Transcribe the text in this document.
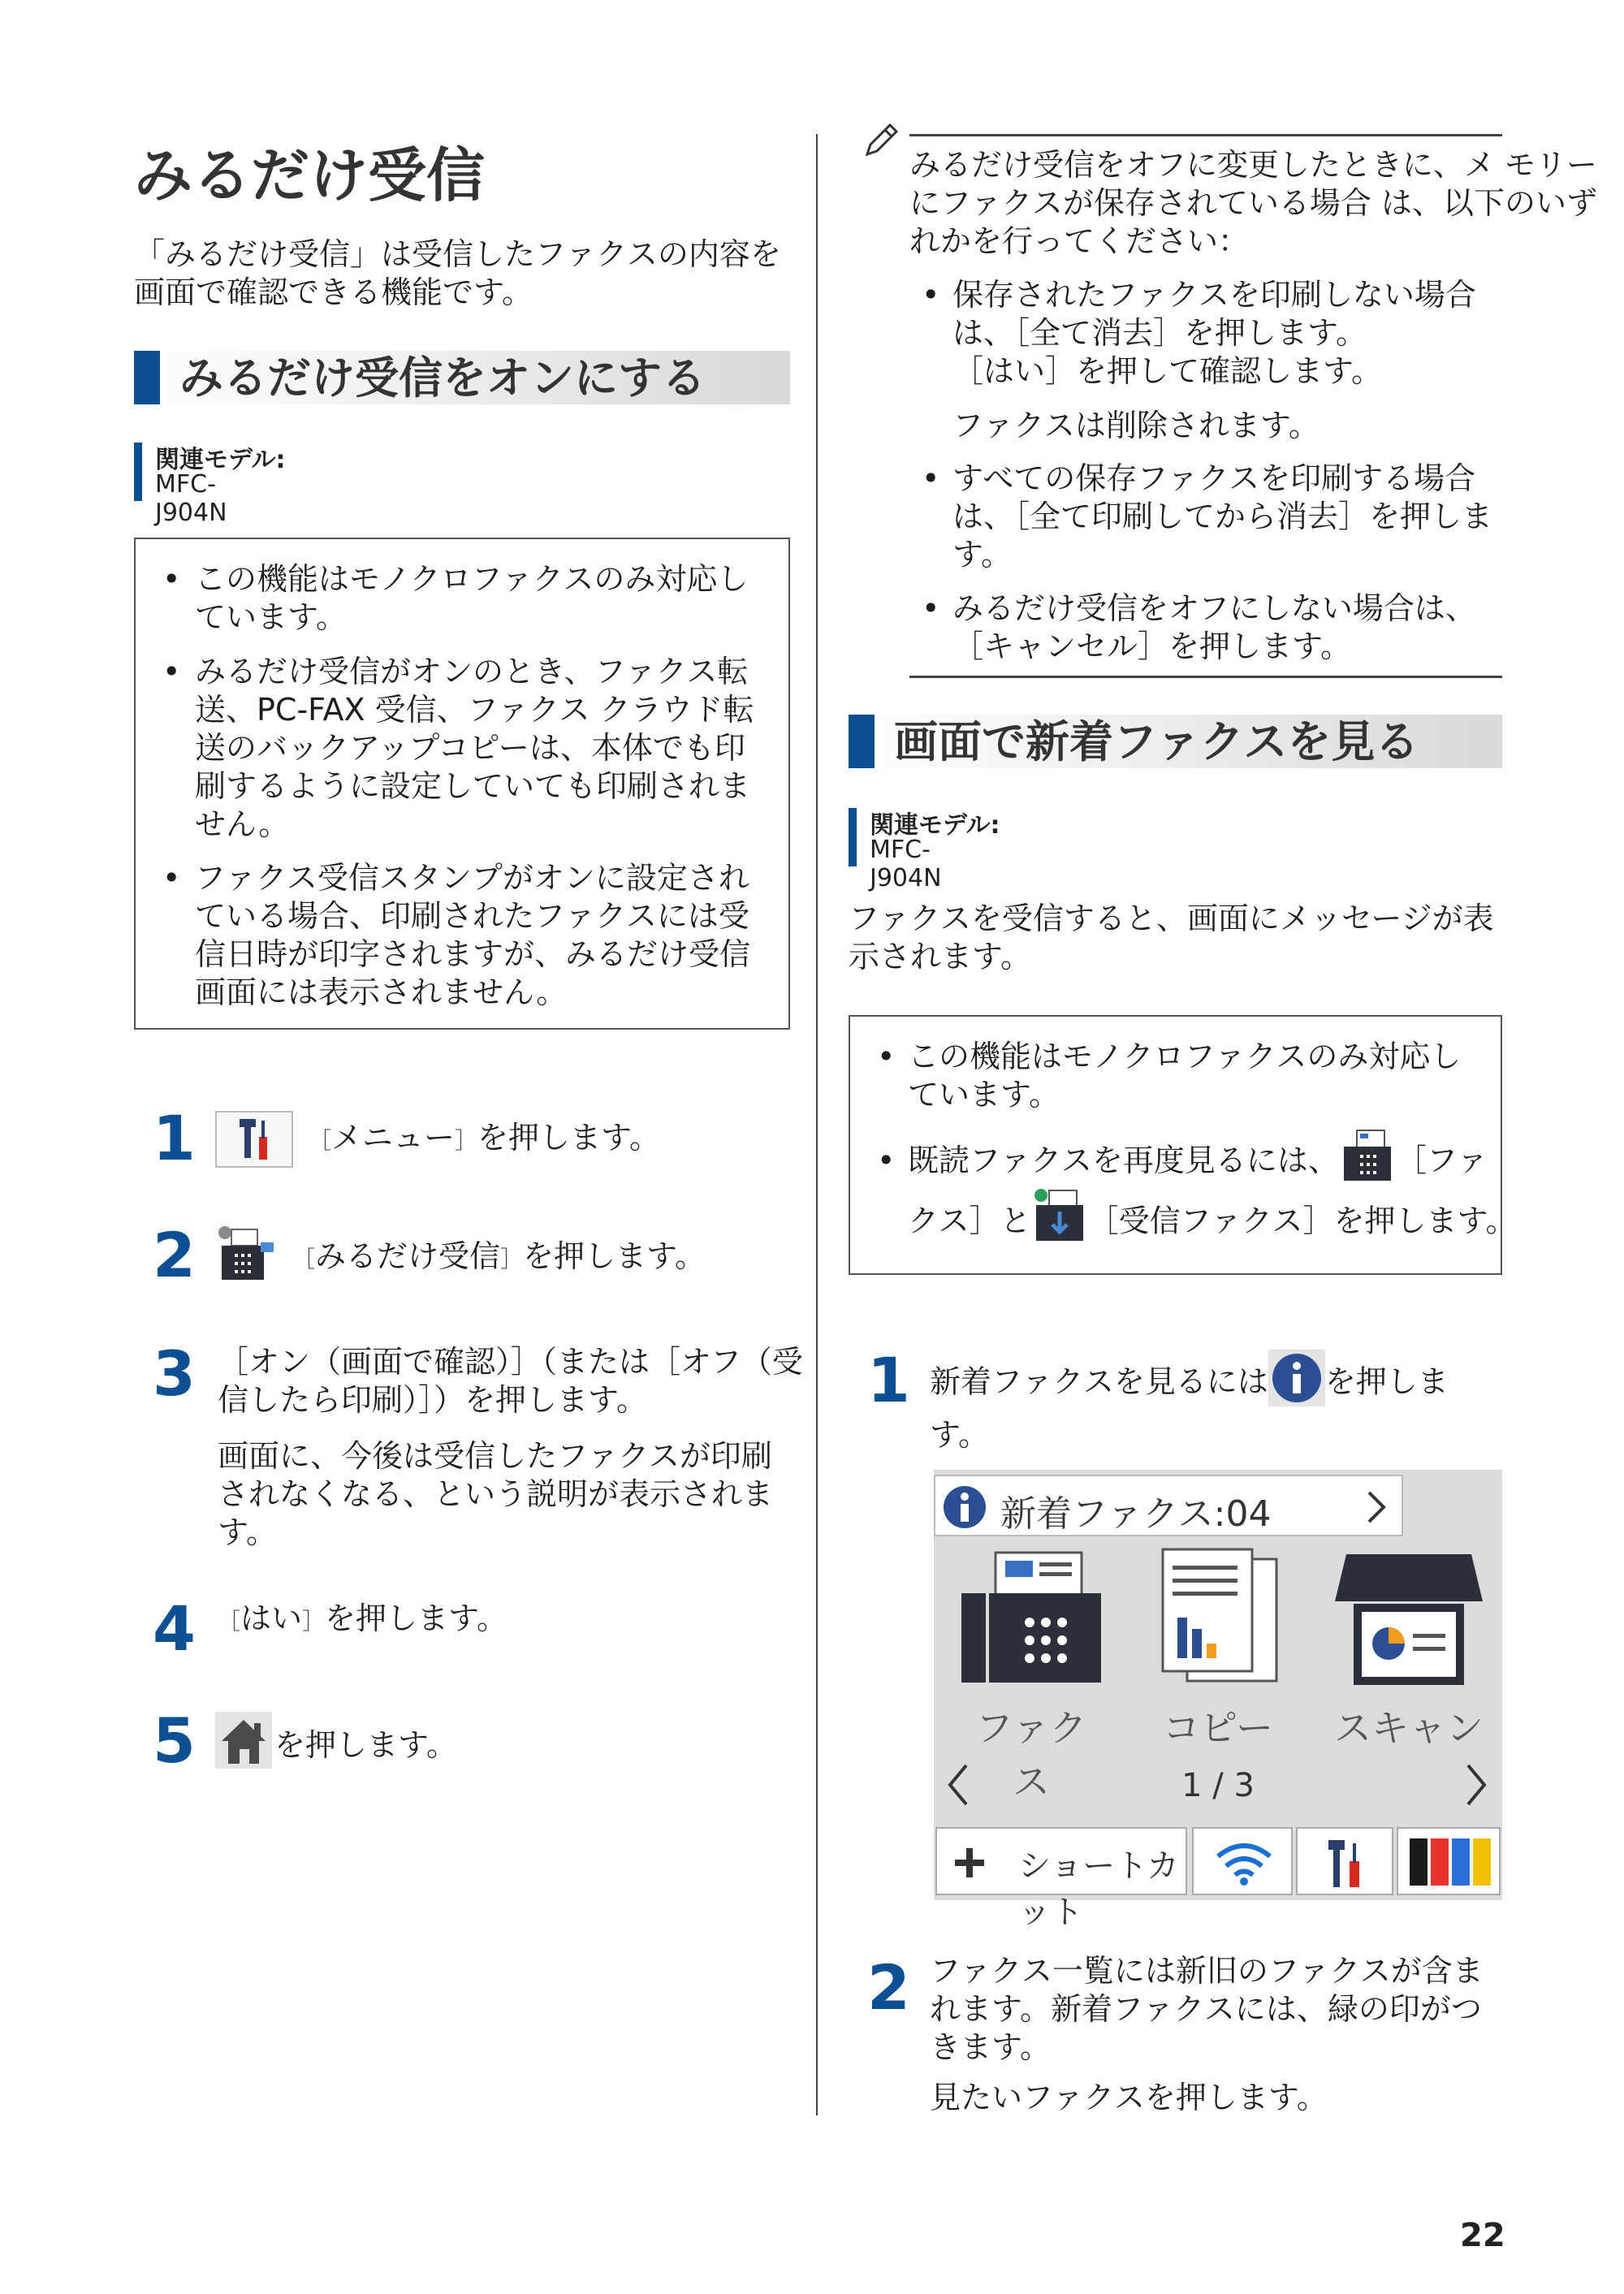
みるだけ受信
「みるだけ受信」は受信したファクスの内容を
画面で確認できる機能です。
みるだけ受信をオンにする
関連モデル:
MFC-J904N
• この機能はモノクロファクスのみ対応し
ています。
• みるだけ受信がオンのとき、ファクス転
送、PC-FAX 受信、ファクス クラウド転
送のバックアップコピーは、本体でも印
刷するように設定していても印刷されま
せん。
• ファクス受信スタンプがオンに設定され
ている場合、印刷されたファクスには受
信日時が印字されますが、みるだけ受信
画面には表示されません。
1	［メニュー］を押します。
2	［みるだけ受信］を押します。
3 ［オン（画面で確認）］（または［オフ（受
信したら印刷）］）を押します。
画面に、今後は受信したファクスが印刷
されなくなる、という説明が表示されま
す。
4 ［はい］を押します。
5	を押します。
みるだけ受信をオフに変更したときに、メ モリーにファクスが保存されている場合 は、以下のいずれかを行ってください：
• 保存されたファクスを印刷しない場合
は、［全て消去］を押します。
［はい］を押して確認します。
ファクスは削除されます。
• すべての保存ファクスを印刷する場合
は、［全て印刷してから消去］を押しま
す。
• みるだけ受信をオフにしない場合は、
［キャンセル］を押します。
画面で新着ファクスを見る
関連モデル:
MFC-J904N
ファクスを受信すると、画面にメッセージが表
示されます。
• この機能はモノクロファクスのみ対応し
ています。
• 既読ファクスを再度見るには、 ［ファ
クス］と ［受信ファクス］を押します。
1 新着ファクスを見るには を押しま
す。
新着ファクス:04
ファクス
コピー	スキャン
1 / 3
ショートカット
2 ファクス一覧には新旧のファクスが含ま
れます。新着ファクスには、緑の印がつ
きます。
見たいファクスを押します。
22
